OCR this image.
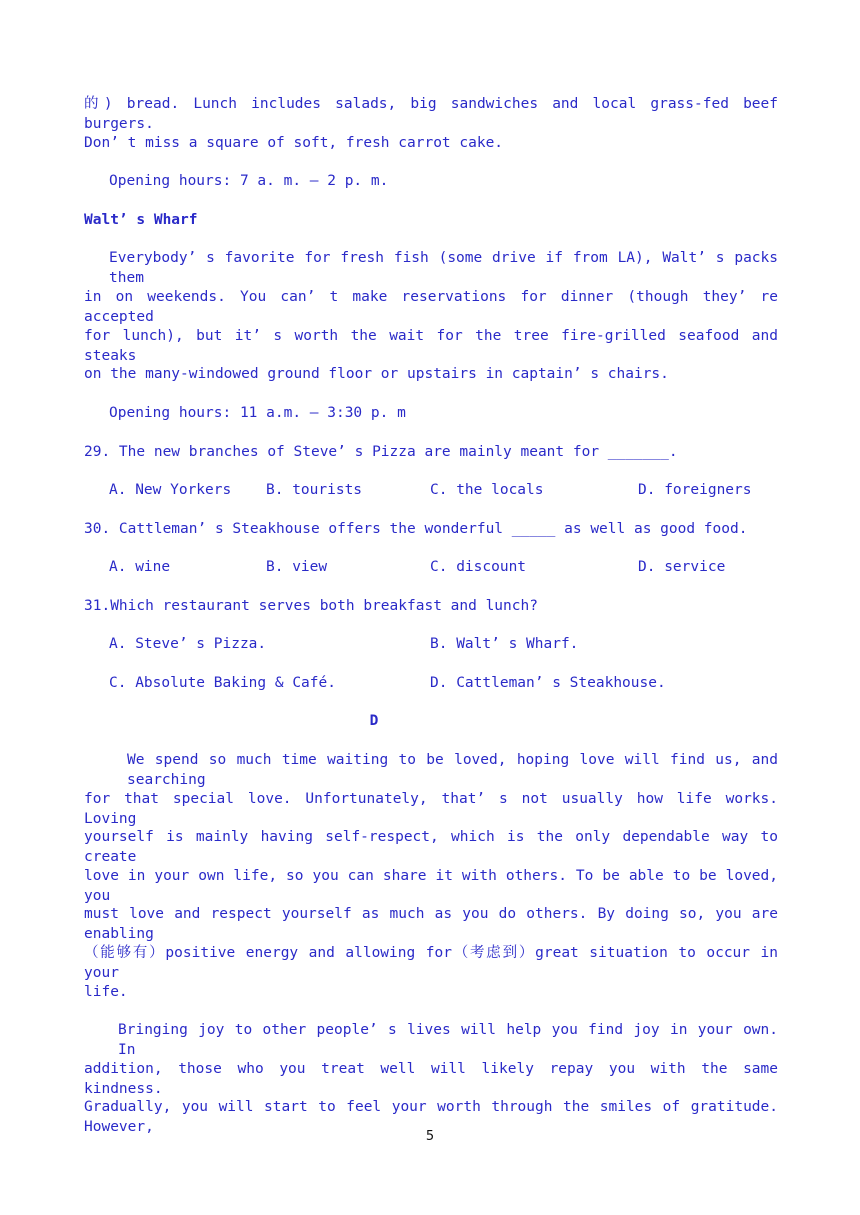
的) bread. Lunch includes salads, big sandwiches and local grass-fed beef burgers.
Don’ t miss a square of soft, fresh carrot cake.
Opening hours: 7 a. m. – 2 p. m.
Walt’ s Wharf
Everybody’ s favorite for fresh fish (some drive if from LA), Walt’ s packs them
in on weekends. You can’ t make reservations for dinner (though they’ re accepted
for lunch), but it’ s worth the wait for the tree fire-grilled seafood and steaks
on the many-windowed ground floor or upstairs in captain’ s chairs.
Opening hours: 11 a.m. – 3:30 p. m
29. The new branches of Steve’ s Pizza are mainly meant for _______.
A. New Yorkers B. tourists	C. the locals	D. foreigners
30. Cattleman’ s Steakhouse offers the wonderful _____ as well as good food.
A. wine	B. view	C. discount	D. service
31.Which restaurant serves both breakfast and lunch?
A. Steve’ s Pizza.	B. Walt’ s Wharf.
C. Absolute Baking & Café.	D. Cattleman’ s Steakhouse.
D
We spend so much time waiting to be loved, hoping love will find us, and searching
for that special love. Unfortunately, that’ s not usually how life works. Loving
yourself is mainly having self-respect, which is the only dependable way to create
love in your own life, so you can share it with others. To be able to be loved, you
must love and respect yourself as much as you do others. By doing so, you are enabling
（能够有）positive energy and allowing for（考虑到）great situation to occur in your
life.
Bringing joy to other people’ s lives will help you find joy in your own. In
addition, those who you treat well will likely repay you with the same kindness.
Gradually, you will start to feel your worth through the smiles of gratitude. However,
5
